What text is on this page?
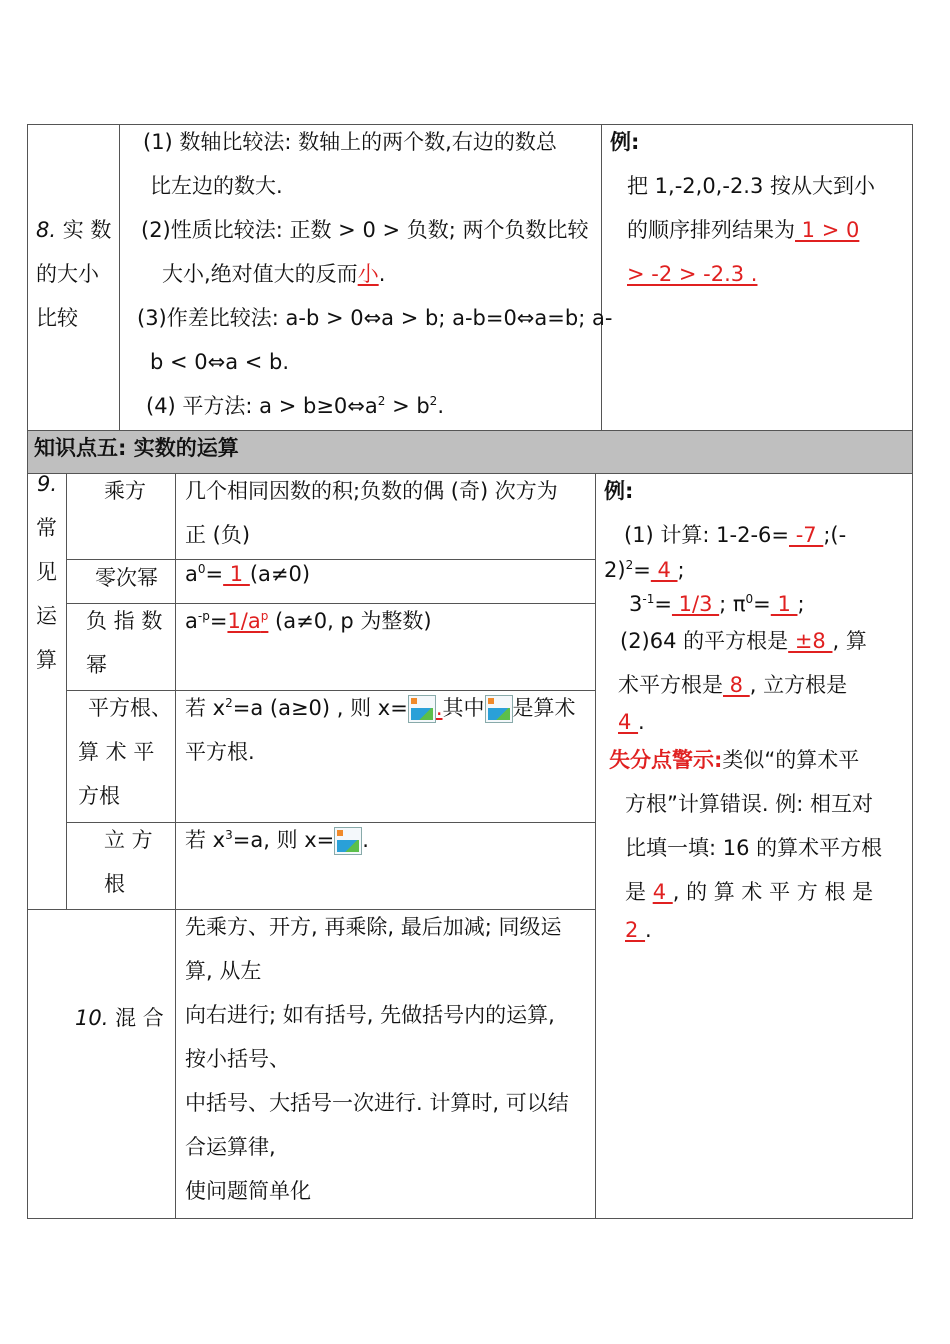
8. 实 数
的大小
比较
(1) 数轴比较法: 数轴上的两个数,右边的数总
比左边的数大.
(2)性质比较法: 正数 > 0 > 负数; 两个负数比较
大小,绝对值大的反而小.
(3)作差比较法: a-b > 0⇔a > b; a-b=0⇔a=b; a-
b < 0⇔a < b.
(4) 平方法: $a > b\ge 0\Leftrightarrow a^2 > b^2$.
例:
把 1,-2,0,-2.3 按从大到小
的顺序排列结果为 1 > 0
> -2 > -2.3 .
知识点五: 实数的运算
9.
常
见
运
算
乘方 几个相同因数的积;负数的偶 (奇) 次方为
正 (负)
零次幂 $a^0= 1$ (a≠0)
负 指 数
幂
$a^{-p}=1/a^p$ (a≠0, p 为整数)
平方根、
算 术 平
方根
若 $x^2=a$ (a≥0) , 则 x= .其中 是算术
平方根.
立 方
根
若 $x^3=a$, 则 x= .
例:
(1) 计算: 1-2-6= -7 ;(-
2)$^2$= 4 ;
$3^{-1}= 1/3$ ; $\pi^0= 1$ ;
(2)64 的平方根是 ±8 , 算
术平方根是 8 , 立方根是
4 .
失分点警示:类似“的算术平
方根”计算错误. 例: 相互对
比填一填: 16 的算术平方根
是 4 , 的 算 术 平 方 根 是
2 .
10. 混 合
先乘方、开方, 再乘除, 最后加减; 同级运
算, 从左
向右进行; 如有括号, 先做括号内的运算,
按小括号、
中括号、大括号一次进行. 计算时, 可以结
合运算律,
使问题简单化
